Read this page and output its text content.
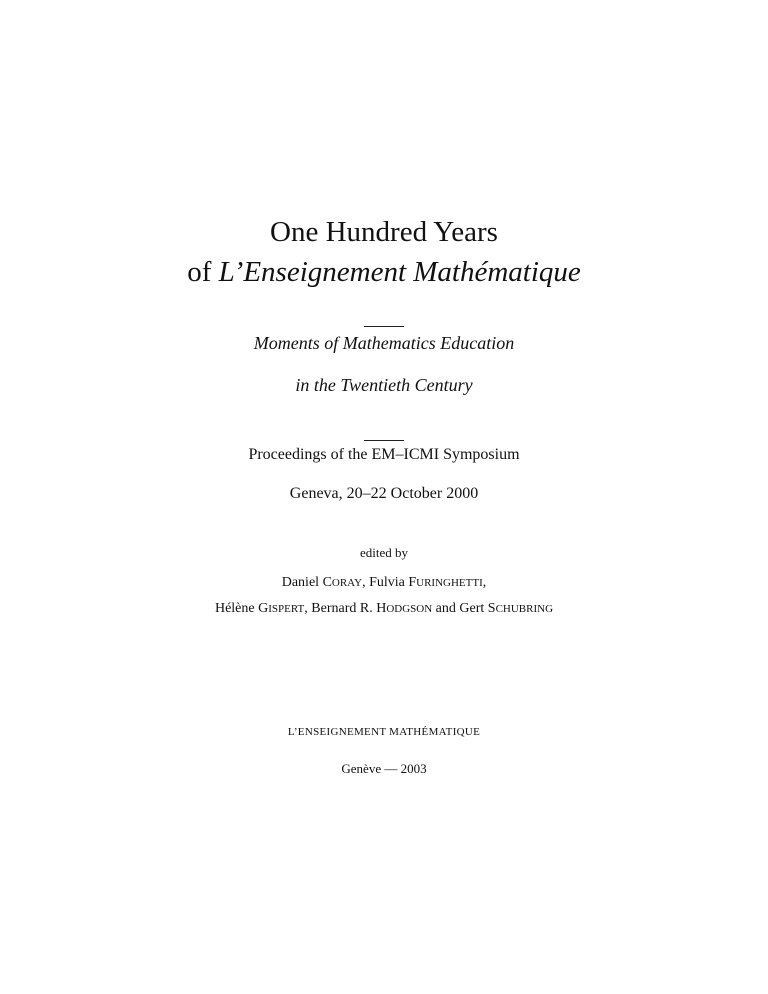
One Hundred Years
of L’Enseignement Mathématique
Moments of Mathematics Education
in the Twentieth Century
Proceedings of the EM–ICMI Symposium
Geneva, 20–22 October 2000
edited by
Daniel CORAY, Fulvia FURINGHETTI,
Hélène GISPERT, Bernard R. HODGSON and Gert SCHUBRING
L’ENSEIGNEMENT MATHÉMATIQUE
Genève — 2003
